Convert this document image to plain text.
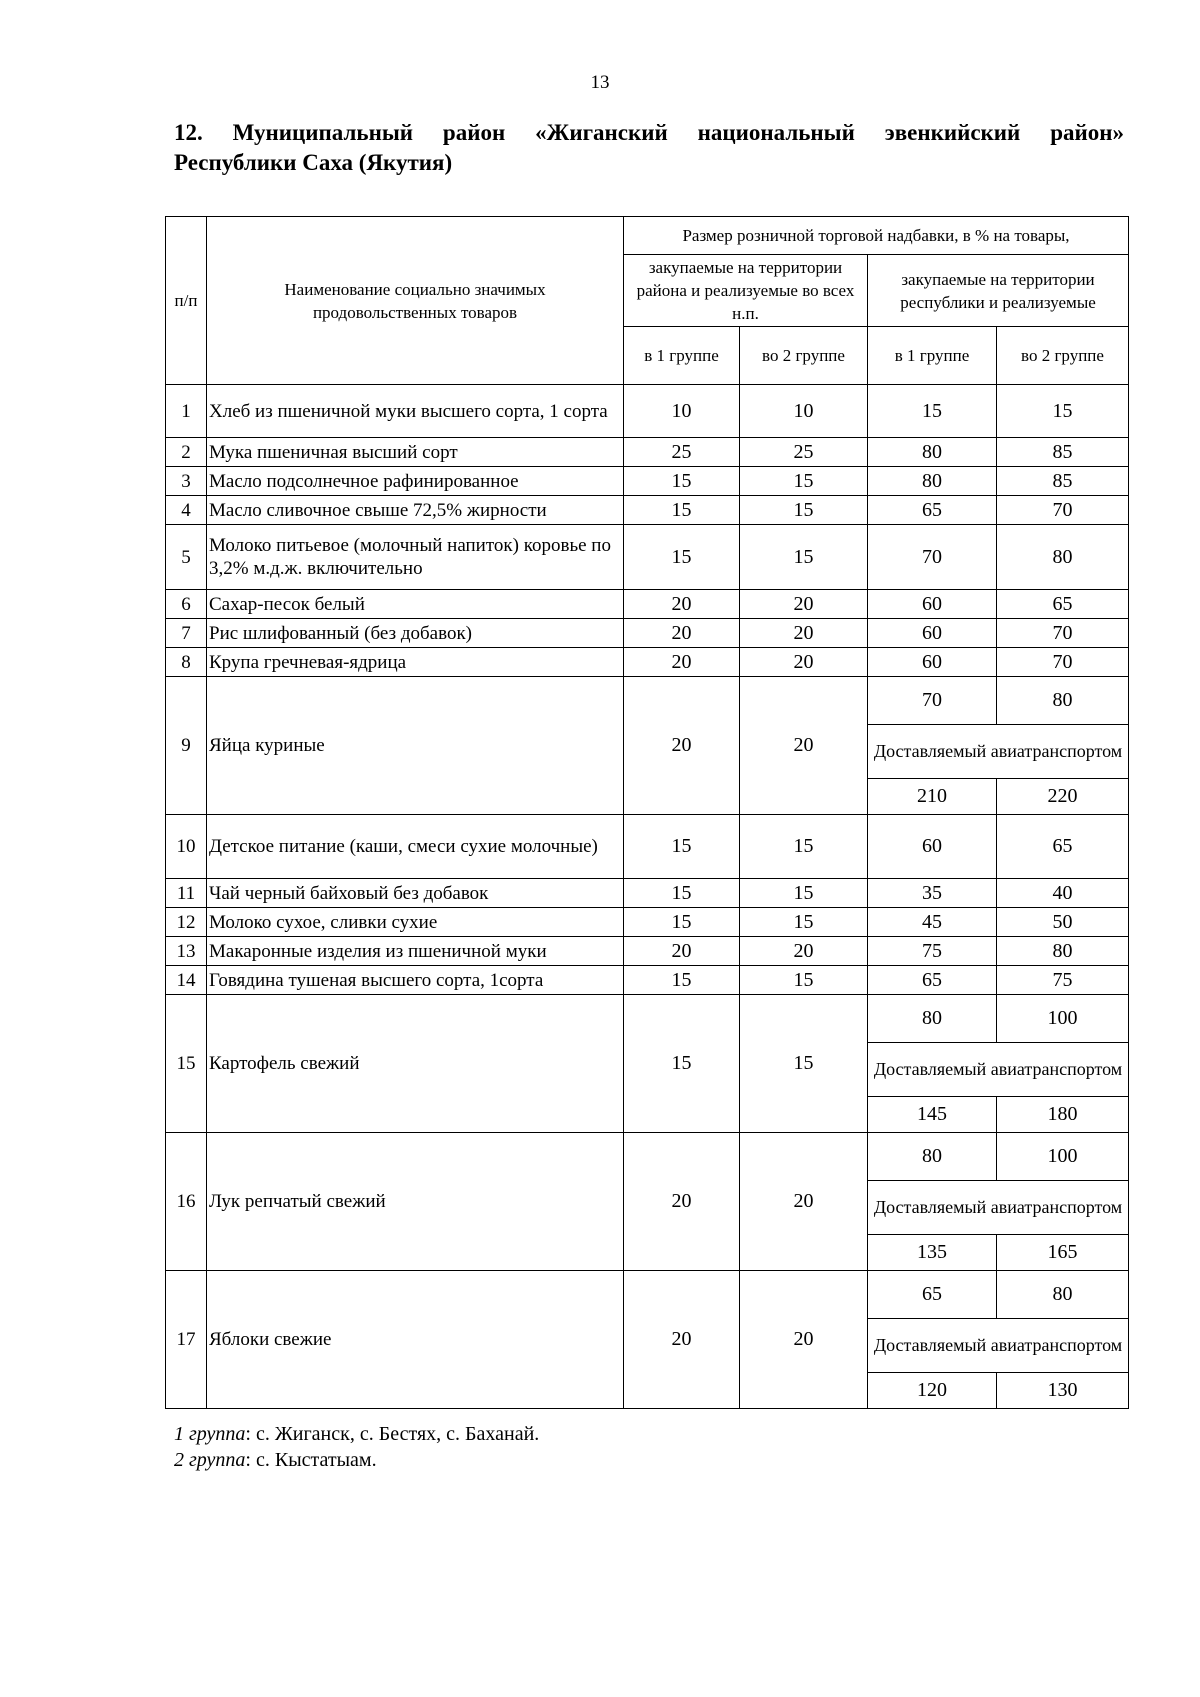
13
12. Муниципальный район «Жиганский национальный эвенкийский район»
Республики Саха (Якутия)
п/п	Наименование социально значимых продовольственных товаров	Размер розничной торговой надбавки, в % на товары,			
		закупаемые на территории района и реализуемые во всех н.п.		закупаемые на территории республики и реализуемые	
		в 1 группе	во 2 группе	в 1 группе	во 2 группе
1	Хлеб из пшеничной муки высшего сорта, 1 сорта	10	10	15	15
2	Мука пшеничная высший сорт	25	25	80	85
3	Масло подсолнечное рафинированное	15	15	80	85
4	Масло сливочное свыше 72,5% жирности	15	15	65	70
5	Молоко питьевое (молочный напиток) коровье по 3,2% м.д.ж. включительно	15	15	70	80
6	Сахар-песок белый	20	20	60	65
7	Рис шлифованный (без добавок)	20	20	60	70
8	Крупа гречневая-ядрица	20	20	60	70
9	Яйца куриные	20	20	70	80
				Доставляемый авиатранспортом	
				210	220
10	Детское питание (каши, смеси сухие молочные)	15	15	60	65
11	Чай черный байховый без добавок	15	15	35	40
12	Молоко сухое, сливки сухие	15	15	45	50
13	Макаронные изделия из пшеничной муки	20	20	75	80
14	Говядина тушеная высшего сорта, 1сорта	15	15	65	75
15	Картофель свежий	15	15	80	100
				Доставляемый авиатранспортом	
				145	180
16	Лук репчатый свежий	20	20	80	100
				Доставляемый авиатранспортом	
				135	165
17	Яблоки свежие	20	20	65	80
				Доставляемый авиатранспортом	
				120	130
1 группа: с. Жиганск, с. Бестях, с. Баханай.
2 группа: с. Кыстатыам.
